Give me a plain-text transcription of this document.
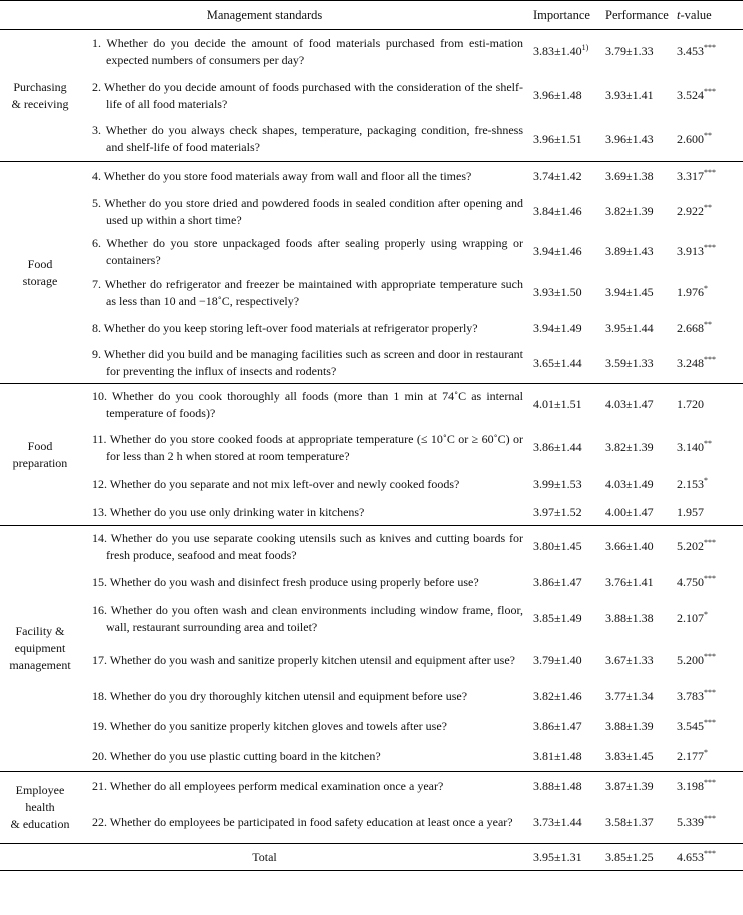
Management standards		Importance	Performance	t-value

Purchasing
& receiving	1. Whether do you decide the amount of food materials purchased from esti-mation expected numbers of consumers per day?	$3.83\pm 1.40^{1)}$	3.79±1.33	3.453***

	2. Whether do you decide amount of foods purchased with the consideration of the shelf-life of all food materials?	3.96±1.48	3.93±1.41	3.524***

	3. Whether do you always check shapes, temperature, packaging condition, fre-shness and shelf-life of food materials?	3.96±1.51	3.96±1.43	2.600**

Food
storage	4. Whether do you store food materials away from wall and floor all the times?	3.74±1.42	3.69±1.38	3.317***

	5. Whether do you store dried and powdered foods in sealed condition after opening and used up within a short time?	3.84±1.46	3.82±1.39	2.922**

	6. Whether do you store unpackaged foods after sealing properly using wrapping or containers?	3.94±1.46	3.89±1.43	3.913***

	7. Whether do refrigerator and freezer be maintained with appropriate temperature such as less than 10 and −18˚C, respectively?	3.93±1.50	3.94±1.45	1.976*

	8. Whether do you keep storing left-over food materials at refrigerator properly?	3.94±1.49	3.95±1.44	2.668**

	9. Whether did you build and be managing facilities such as screen and door in restaurant for preventing the influx of insects and rodents?	3.65±1.44	3.59±1.33	3.248***

Food
preparation	10. Whether do you cook thoroughly all foods (more than 1 min at 74˚C as internal temperature of foods)?	4.01±1.51	4.03±1.47	1.720

	11. Whether do you store cooked foods at appropriate temperature (≤ 10˚C or ≥ 60˚C) or for less than 2 h when stored at room temperature?	3.86±1.44	3.82±1.39	3.140**

	12. Whether do you separate and not mix left-over and newly cooked foods?	3.99±1.53	4.03±1.49	2.153*

	13. Whether do you use only drinking water in kitchens?	3.97±1.52	4.00±1.47	1.957

Facility &
equipment
management	14. Whether do you use separate cooking utensils such as knives and cutting boards for fresh produce, seafood and meat foods?	3.80±1.45	3.66±1.40	5.202***

	15. Whether do you wash and disinfect fresh produce using properly before use?	3.86±1.47	3.76±1.41	4.750***

	16. Whether do you often wash and clean environments including window frame, floor, wall, restaurant surrounding area and toilet?	3.85±1.49	3.88±1.38	2.107*

	17. Whether do you wash and sanitize properly kitchen utensil and equipment after use?	3.79±1.40	3.67±1.33	5.200***

	18. Whether do you dry thoroughly kitchen utensil and equipment before use?	3.82±1.46	3.77±1.34	3.783***

	19. Whether do you sanitize properly kitchen gloves and towels after use?	3.86±1.47	3.88±1.39	3.545***

	20. Whether do you use plastic cutting board in the kitchen?	3.81±1.48	3.83±1.45	2.177*

Employee
health
& education	21. Whether do all employees perform medical examination once a year?	3.88±1.48	3.87±1.39	3.198***

	22. Whether do employees be participated in food safety education at least once a year?	3.73±1.44	3.58±1.37	5.339***
Total		3.95±1.31	3.85±1.25	4.653***
